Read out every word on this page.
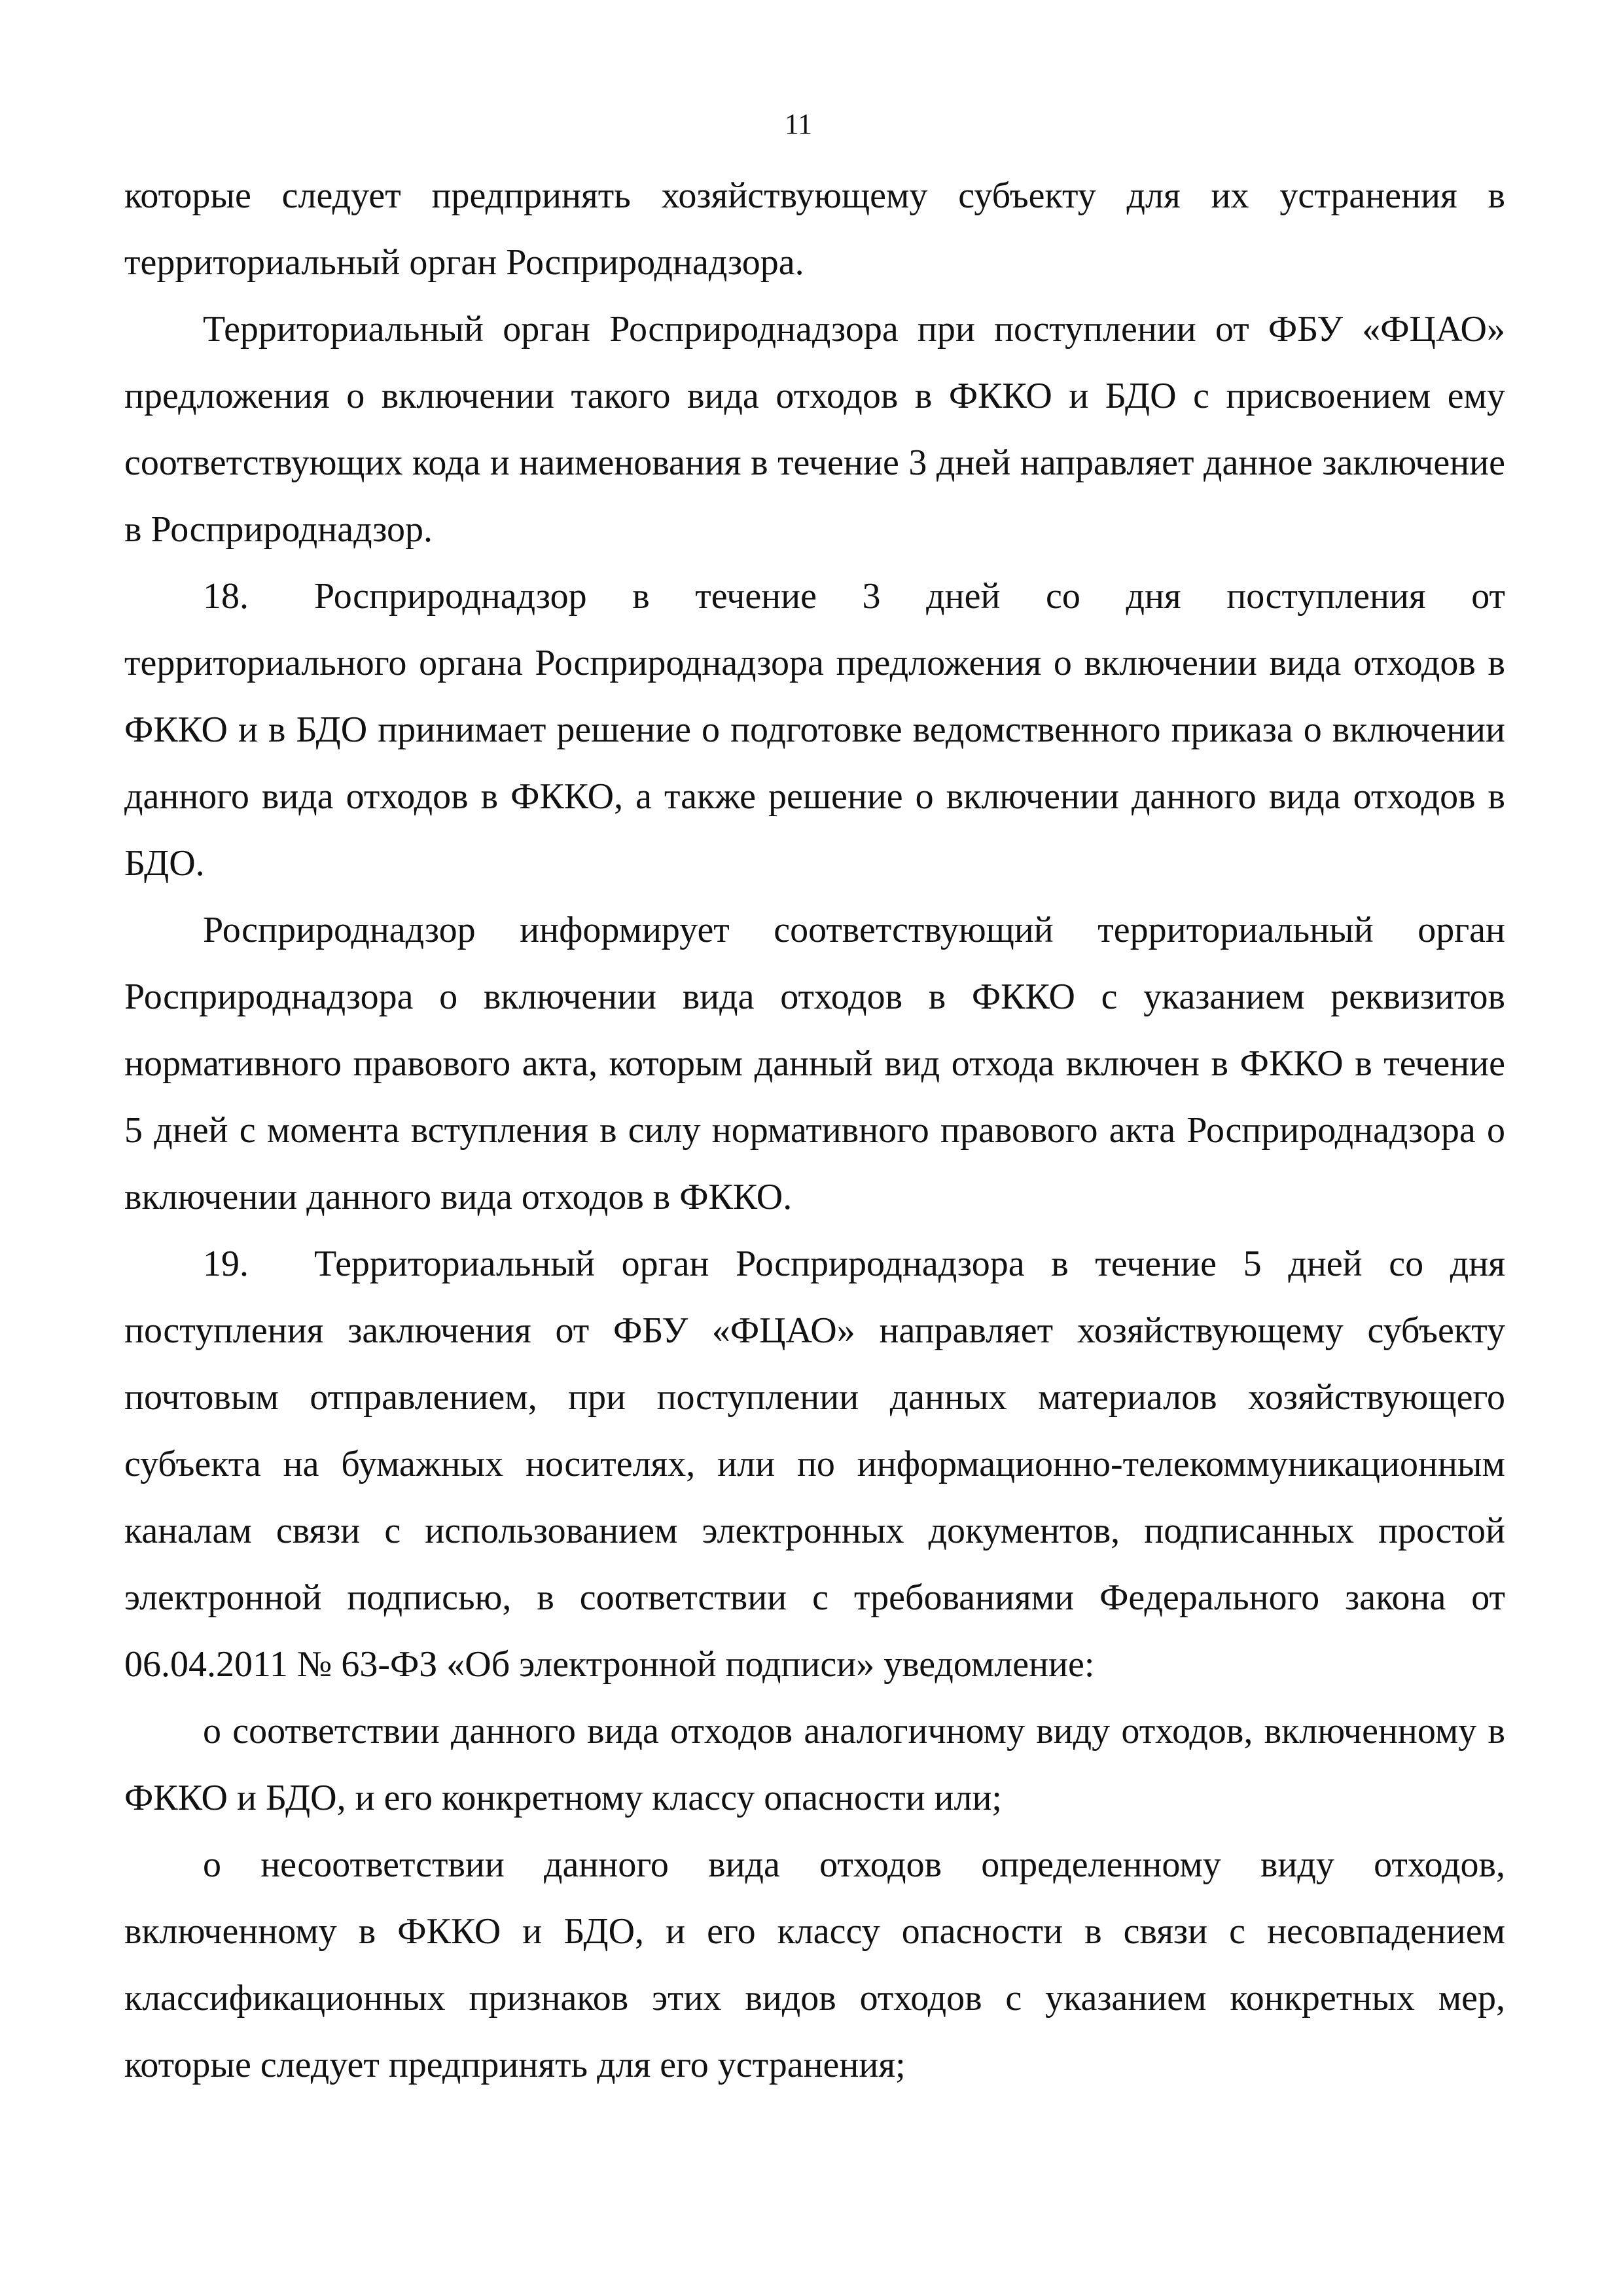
11

которые следует предпринять хозяйствующему субъекту для их устранения в территориальный орган Росприроднадзора.

Территориальный орган Росприроднадзора при поступлении от ФБУ «ФЦАО» предложения о включении такого вида отходов в ФККО и БДО с присвоением ему соответствующих кода и наименования в течение 3 дней направляет данное заключение в Росприроднадзор.

18. Росприроднадзор в течение 3 дней со дня поступления от территориального органа Росприроднадзора предложения о включении вида отходов в ФККО и в БДО принимает решение о подготовке ведомственного приказа о включении данного вида отходов в ФККО, а также решение о включении данного вида отходов в БДО.

Росприроднадзор информирует соответствующий территориальный орган Росприроднадзора о включении вида отходов в ФККО с указанием реквизитов нормативного правового акта, которым данный вид отхода включен в ФККО в течение 5 дней с момента вступления в силу нормативного правового акта Росприроднадзора о включении данного вида отходов в ФККО.

19. Территориальный орган Росприроднадзора в течение 5 дней со дня поступления заключения от ФБУ «ФЦАО» направляет хозяйствующему субъекту почтовым отправлением, при поступлении данных материалов хозяйствующего субъекта на бумажных носителях, или по информационно-телекоммуникационным каналам связи с использованием электронных документов, подписанных простой электронной подписью, в соответствии с требованиями Федерального закона от 06.04.2011 № 63-ФЗ «Об электронной подписи» уведомление:

о соответствии данного вида отходов аналогичному виду отходов, включенному в ФККО и БДО, и его конкретному классу опасности или;

о несоответствии данного вида отходов определенному виду отходов, включенному в ФККО и БДО, и его классу опасности в связи с несовпадением классификационных признаков этих видов отходов с указанием конкретных мер, которые следует предпринять для его устранения;
